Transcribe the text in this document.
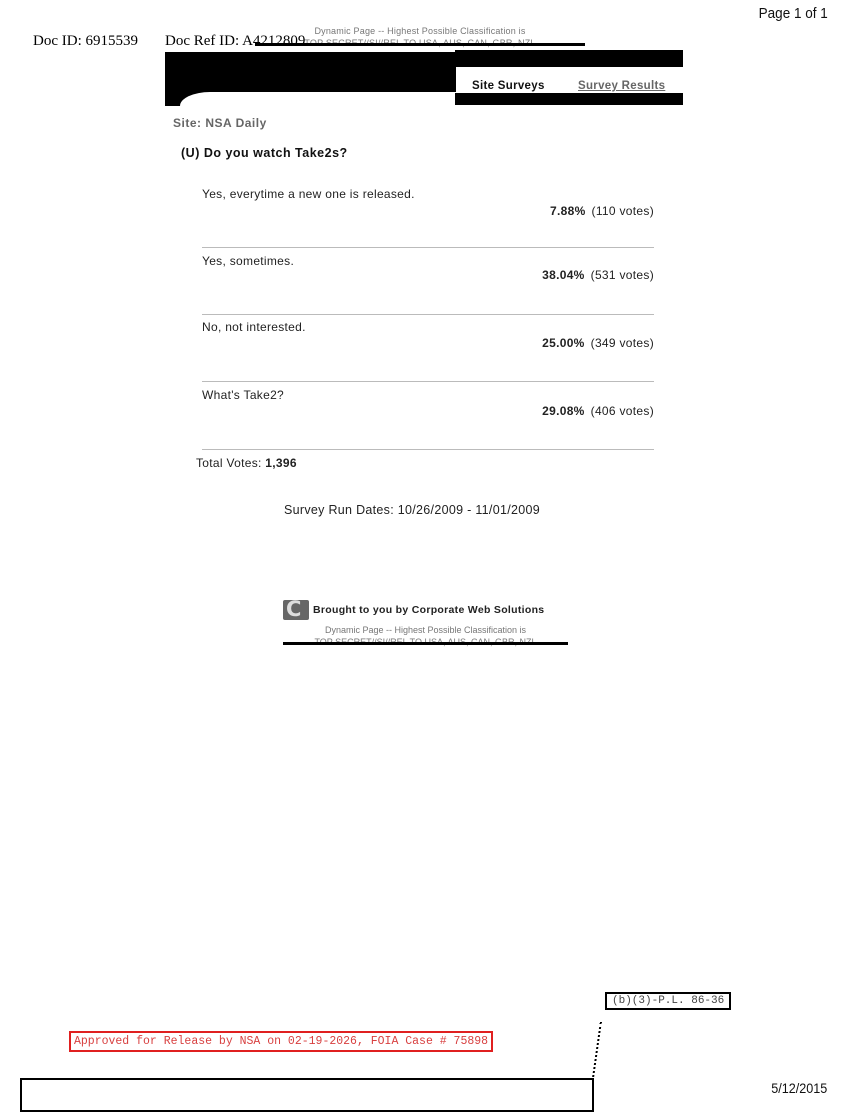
Page 1 of 1
Doc ID: 6915539
Dynamic Page -- Highest Possible Classification is
Doc Ref ID: A4212809
Site Surveys	Survey Results
Site: NSA Daily
(U) Do you watch Take2s?
Yes, everytime a new one is released.
7.88% (110 votes)
Yes, sometimes.
38.04% (531 votes)
No, not interested.
25.00% (349 votes)
What's Take2?
29.08% (406 votes)
Total Votes: 1,396
Survey Run Dates: 10/26/2009 - 11/01/2009
C Brought to you by Corporate Web Solutions
Dynamic Page -- Highest Possible Classification is
(b)(3)-P.L. 86-36
Approved for Release by NSA on 02-19-2026, FOIA Case # 75898
5/12/2015
